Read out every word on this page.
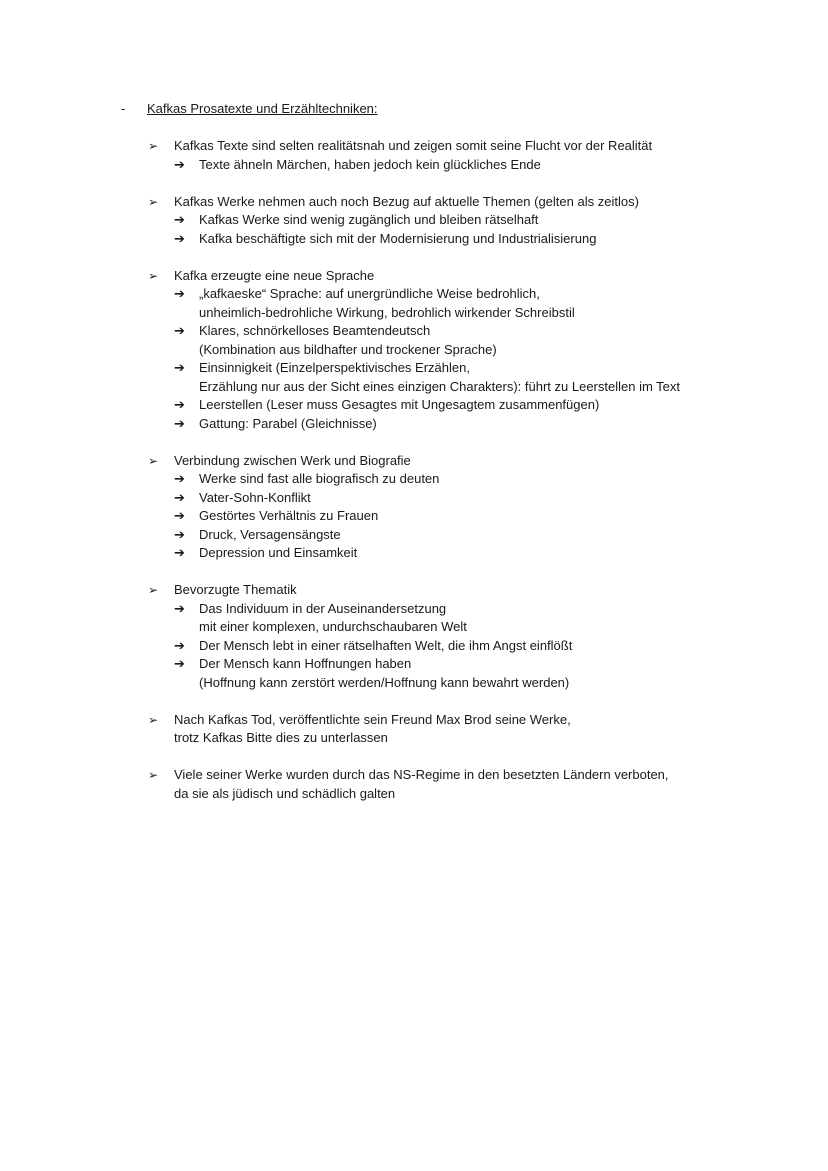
-	Kafkas Prosatexte und Erzähltechniken:
➢	Kafkas Texte sind selten realitätsnah und zeigen somit seine Flucht vor der Realität
➔	Texte ähneln Märchen, haben jedoch kein glückliches Ende
➢	Kafkas Werke nehmen auch noch Bezug auf aktuelle Themen (gelten als zeitlos)
➔	Kafkas Werke sind wenig zugänglich und bleiben rätselhaft
➔	Kafka beschäftigte sich mit der Modernisierung und Industrialisierung
➢	Kafka erzeugte eine neue Sprache
➔	„kafkaeske“ Sprache: auf unergründliche Weise bedrohlich,
unheimlich-bedrohliche Wirkung, bedrohlich wirkender Schreibstil
➔	Klares, schnörkelloses Beamtendeutsch
(Kombination aus bildhafter und trockener Sprache)
➔	Einsinnigkeit (Einzelperspektivisches Erzählen,
Erzählung nur aus der Sicht eines einzigen Charakters): führt zu Leerstellen im Text
➔	Leerstellen (Leser muss Gesagtes mit Ungesagtem zusammenfügen)
➔	Gattung: Parabel (Gleichnisse)
➢	Verbindung zwischen Werk und Biografie
➔	Werke sind fast alle biografisch zu deuten
➔	Vater-Sohn-Konflikt
➔	Gestörtes Verhältnis zu Frauen
➔	Druck, Versagensängste
➔	Depression und Einsamkeit
➢	Bevorzugte Thematik
➔	Das Individuum in der Auseinandersetzung
mit einer komplexen, undurchschaubaren Welt
➔	Der Mensch lebt in einer rätselhaften Welt, die ihm Angst einflößt
➔	Der Mensch kann Hoffnungen haben
(Hoffnung kann zerstört werden/Hoffnung kann bewahrt werden)
➢	Nach Kafkas Tod, veröffentlichte sein Freund Max Brod seine Werke,
trotz Kafkas Bitte dies zu unterlassen
➢	Viele seiner Werke wurden durch das NS-Regime in den besetzten Ländern verboten,
da sie als jüdisch und schädlich galten
